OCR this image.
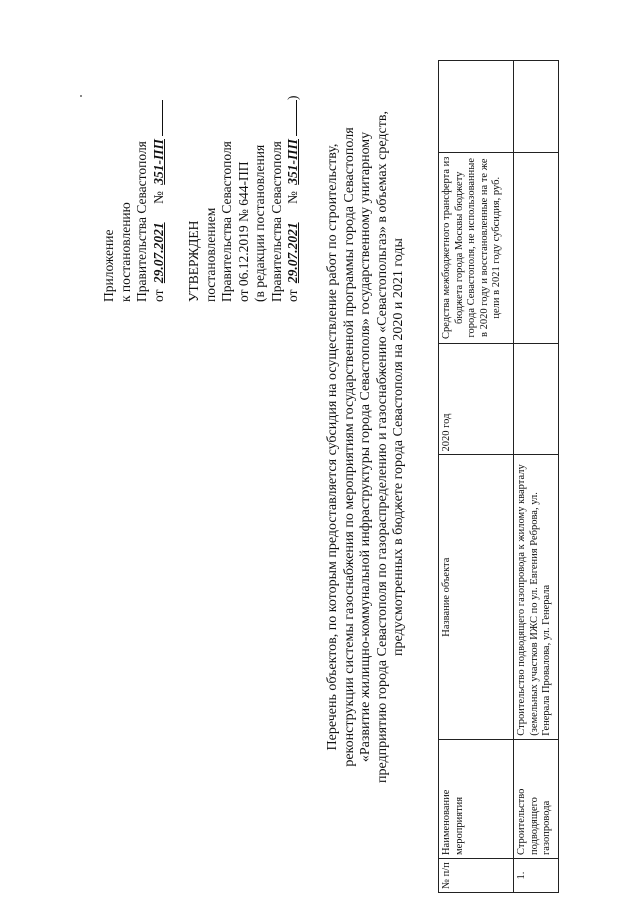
Приложение к постановлению Правительства Севастополя от 29.07.2021 № 351-ПП
УТВЕРЖДЕН постановлением Правительства Севастополя от 06.12.2019 № 644-ПП (в редакции постановления Правительства Севастополя от 29.07.2021 № 351-ПП)
Перечень объектов, по которым предоставляется субсидия на осуществление работ по строительству, реконструкции системы газоснабжения по мероприятиям государственной программы города Севастополя «Развитие жилищно-коммунальной инфраструктуры города Севастополя» государственному унитарному предприятию города Севастополя по газораспределению и газоснабжению «Севастопольгаз» в объемах средств, предусмотренных в бюджете города Севастополя на 2020 и 2021 годы
№ п/п	Наименование мероприятия	Название объекта	2020 год	Средства межбюджетного трансферта из бюджета города Москвы бюджету города Севастополя, не использованные в 2020 году и восстановленные на те же цели в 2021 году субсидия, руб.	
1.	Строительство подводящего газопровода	Строительство подводящего газопровода к жилому кварталу (земельных участков ИЖС по ул. Евгения Реброва, ул. Генерала Провалова, ул. Генерала			
